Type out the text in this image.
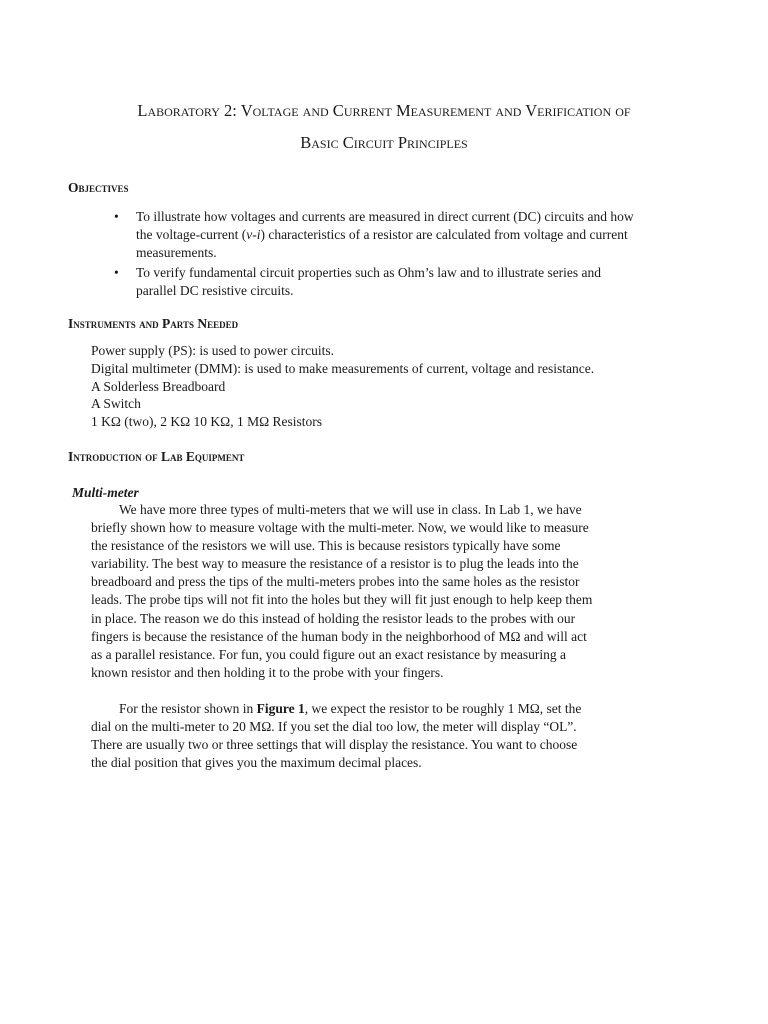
Laboratory 2: Voltage and Current Measurement and Verification of
Basic Circuit Principles
Objectives
• To illustrate how voltages and currents are measured in direct current (DC) circuits and how
the voltage-current (v-i) characteristics of a resistor are calculated from voltage and current
measurements.
• To verify fundamental circuit properties such as Ohm’s law and to illustrate series and
parallel DC resistive circuits.
Instruments and Parts Needed
Power supply (PS): is used to power circuits.
Digital multimeter (DMM): is used to make measurements of current, voltage and resistance.
A Solderless Breadboard
A Switch
1 KΩ (two), 2 KΩ 10 KΩ, 1 MΩ Resistors
Introduction of Lab Equipment
Multi-meter
We have more three types of multi-meters that we will use in class. In Lab 1, we have
briefly shown how to measure voltage with the multi-meter. Now, we would like to measure
the resistance of the resistors we will use. This is because resistors typically have some
variability. The best way to measure the resistance of a resistor is to plug the leads into the
breadboard and press the tips of the multi-meters probes into the same holes as the resistor
leads. The probe tips will not fit into the holes but they will fit just enough to help keep them
in place. The reason we do this instead of holding the resistor leads to the probes with our
fingers is because the resistance of the human body in the neighborhood of MΩ and will act
as a parallel resistance. For fun, you could figure out an exact resistance by measuring a
known resistor and then holding it to the probe with your fingers.
For the resistor shown in Figure 1, we expect the resistor to be roughly 1 MΩ, set the
dial on the multi-meter to 20 MΩ. If you set the dial too low, the meter will display “OL”.
There are usually two or three settings that will display the resistance. You want to choose
the dial position that gives you the maximum decimal places.
